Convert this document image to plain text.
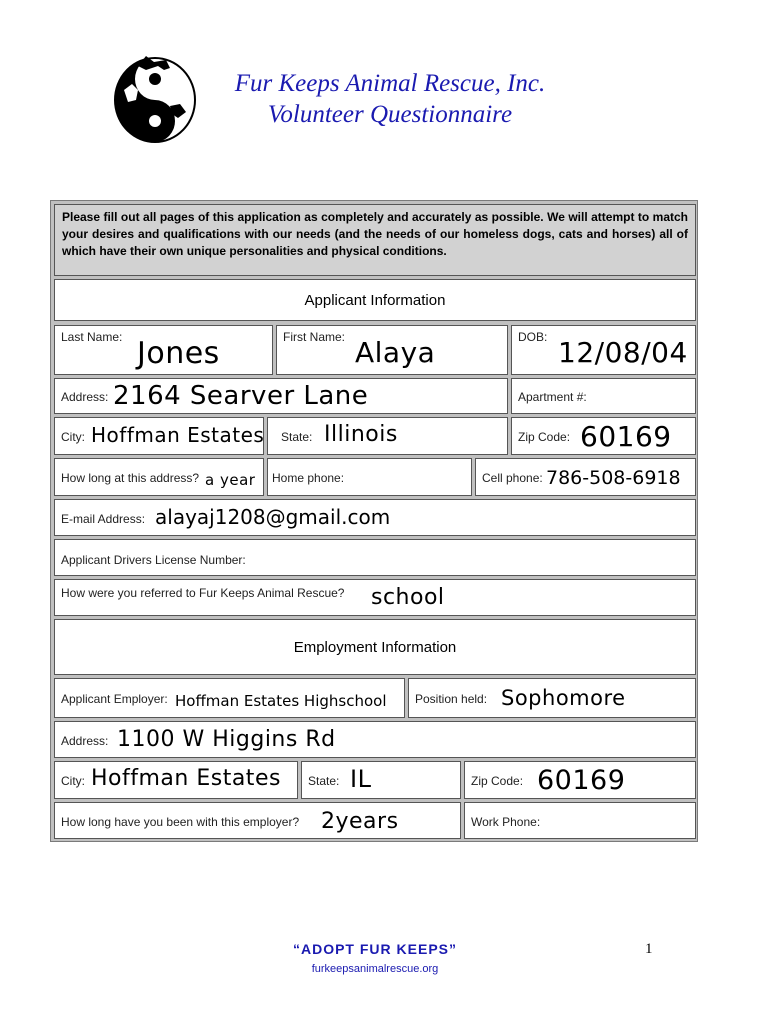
Fur Keeps Animal Rescue, Inc.
Volunteer Questionnaire
Please fill out all pages of this application as completely and accurately as possible. We will attempt to match your desires and qualifications with our needs (and the needs of our homeless dogs, cats and horses) all of which have their own unique personalities and physical conditions.
Applicant Information
Last Name: Jones	First Name: Alaya	DOB: 12/08/04
Address: 2164 Searver Lane	Apartment #:
City: Hoffman Estates State: Illinois	Zip Code: 60169
How long at this address? a year Home phone:	Cell phone: 786-508-6918
E-mail Address: alayaj1208@gmail.com
Applicant Drivers License Number:
How were you referred to Fur Keeps Animal Rescue? school
Employment Information
Applicant Employer: Hoffman Estates Highschool Position held: Sophomore
Address: 1100 W Higgins Rd
City: Hoffman Estates State: IL	Zip Code: 60169
How long have you been with this employer? 2years	Work Phone:
“ADOPT FUR KEEPS”
furkeepsanimalrescue.org
1
